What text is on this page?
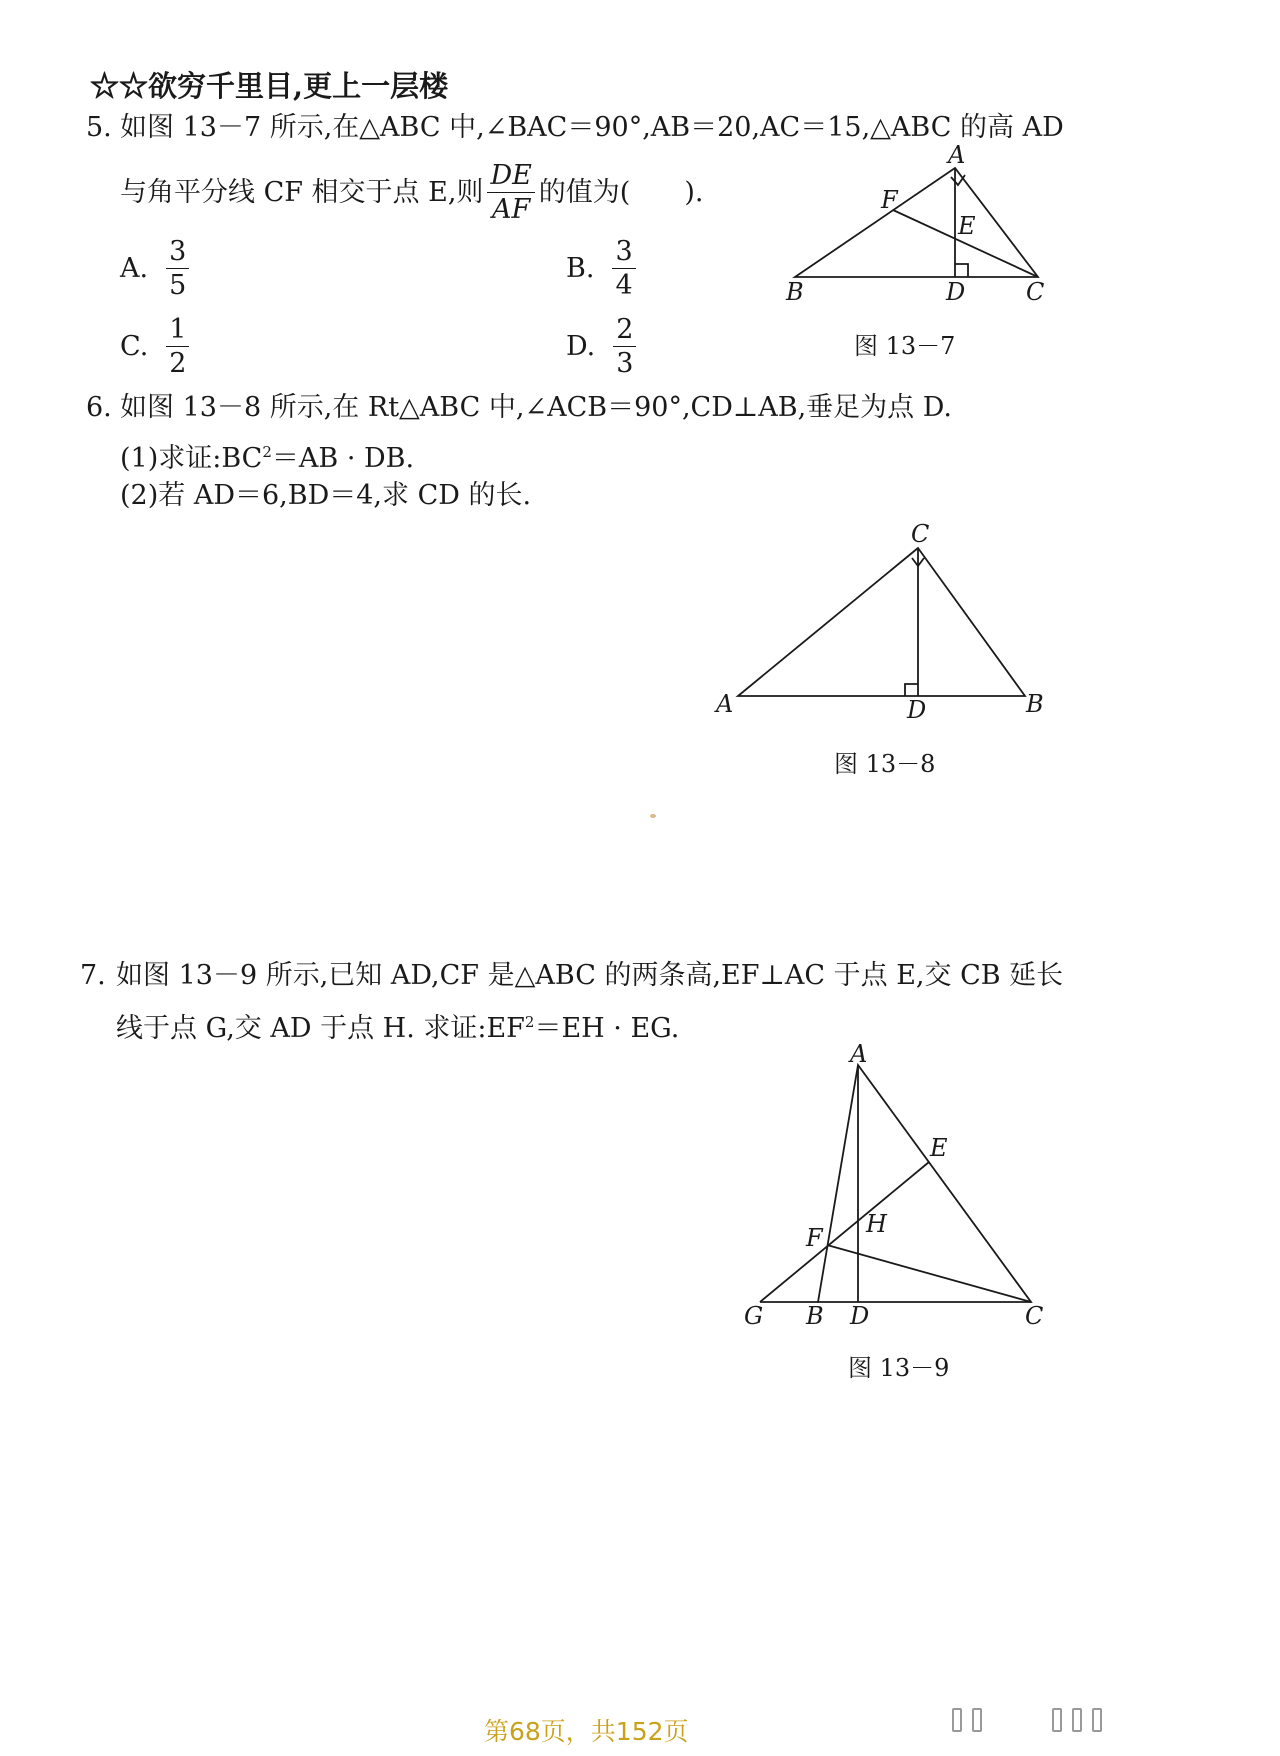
☆☆欲穷千里目,更上一层楼
5. 如图 13－7 所示,在△ABC 中,∠BAC＝90°,AB＝20,AC＝15,△ABC 的高 AD
与角平分线 CF 相交于点 E,则 $\frac{DE}{AF}$ 的值为(　　).
A. $\frac{3}{5}$	B. $\frac{3}{4}$
C. $\frac{1}{2}$	D. $\frac{2}{3}$
A
B	C
D
E
F
图 13－7
6. 如图 13－8 所示,在 Rt△ABC 中,∠ACB＝90°,CD⊥AB,垂足为点 D.
(1)求证$:BC^2=AB$ · DB.
(2)若 AD＝6,BD＝4,求 CD 的长.
C
A	B
D
图 13－8
7. 如图 13－9 所示,已知 AD,CF 是△ABC 的两条高,EF⊥AC 于点 E,交 CB 延长
线于点 G,交 AD 于点 H. 求证$:EF^2=EH$ · EG.
A
G B D	C
E
F H
图 13－9
第68页，共152页
